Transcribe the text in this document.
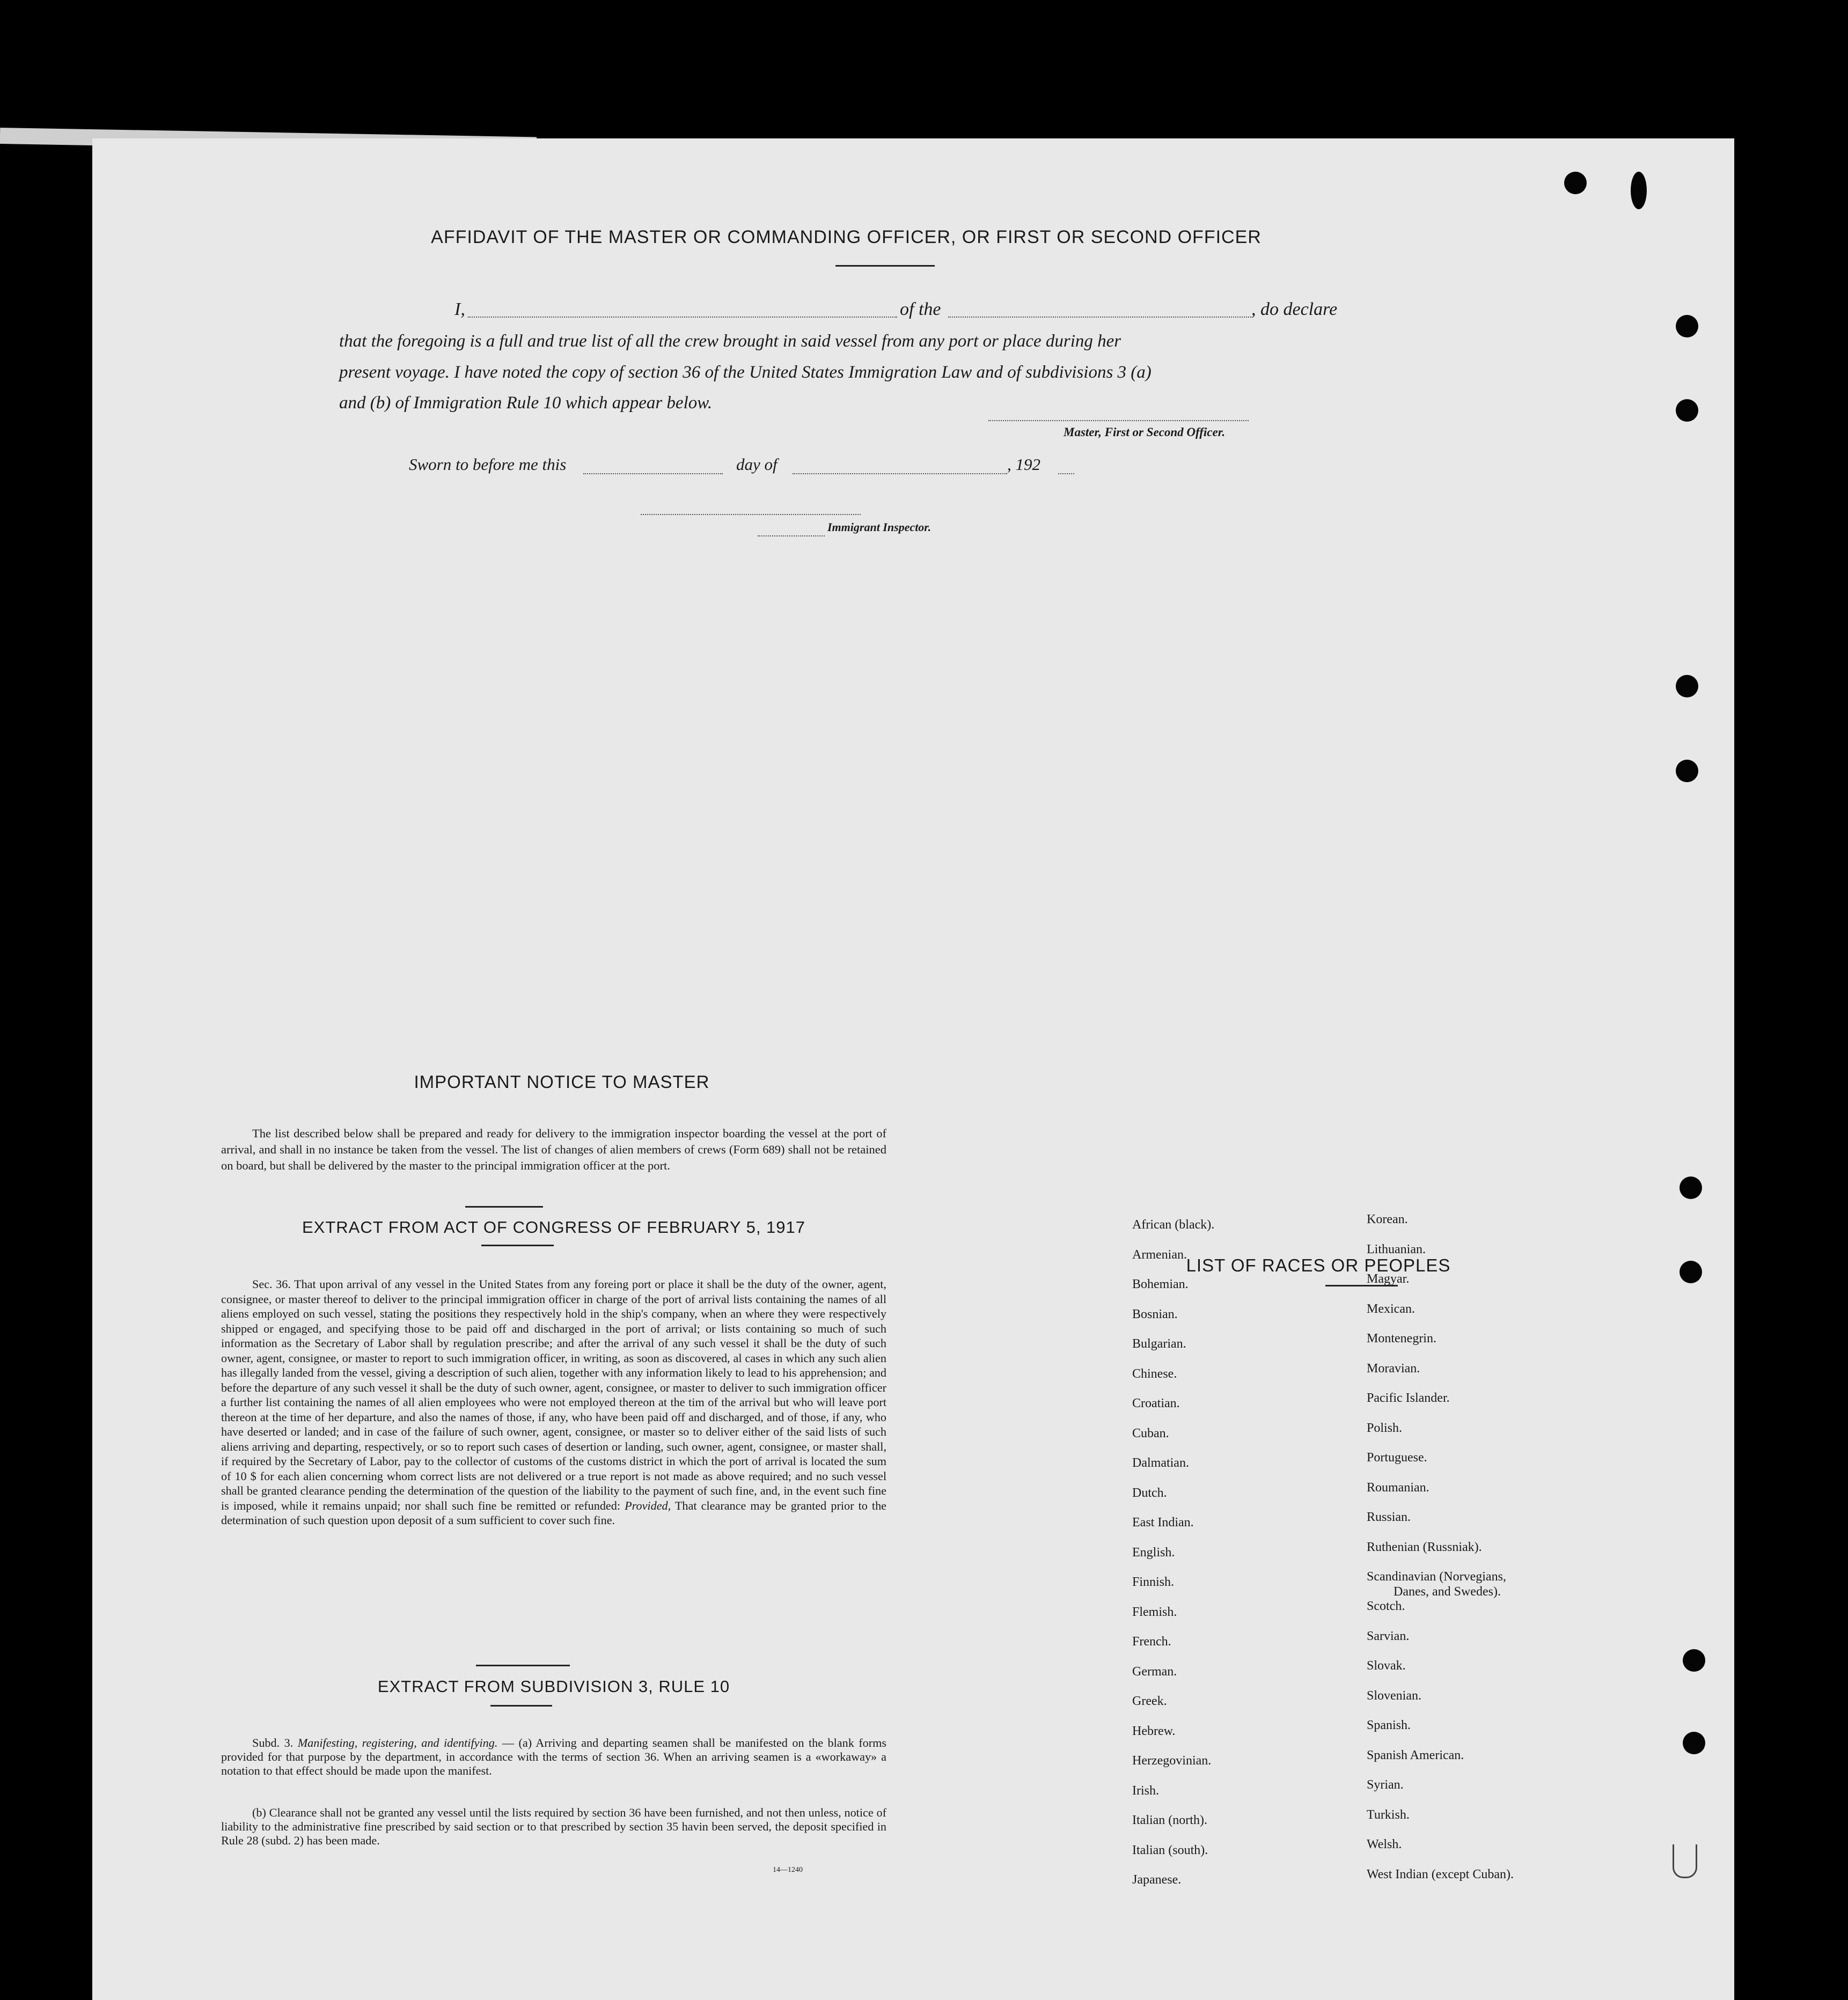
AFFIDAVIT OF THE MASTER OR COMMANDING OFFICER, OR FIRST OR SECOND OFFICER
I,	of the	, do declare
that the foregoing is a full and true list of all the crew brought in said vessel from any port or place during her
present voyage. I have noted the copy of section 36 of the United States Immigration Law and of subdivisions 3 (a)
and (b) of Immigration Rule 10 which appear below.
Master, First or Second Officer.
Sworn to before me this	day of	, 192
Immigrant Inspector.
IMPORTANT NOTICE TO MASTER
The list described below shall be prepared and ready for delivery to the immigration inspector boarding the vessel at the port of arrival, and shall in no instance be taken from the vessel. The list of changes of alien members of crews (Form 689) shall not be retained on board, but shall be delivered by the master to the principal immigration officer at the port.
EXTRACT FROM ACT OF CONGRESS OF FEBRUARY 5, 1917
Sec. 36. That upon arrival of any vessel in the United States from any foreing port or place it shall be the duty of the owner, agent, consignee, or master thereof to deliver to the principal immigration officer in charge of the port of arrival lists containing the names of all aliens employed on such vessel, stating the positions they respectively hold in the ship's company, when an where they were respectively shipped or engaged, and specifying those to be paid off and discharged in the port of arrival; or lists containing so much of such information as the Secretary of Labor shall by regulation prescribe; and after the arrival of any such vessel it shall be the duty of such owner, agent, consignee, or master to report to such immigration officer, in writing, as soon as discovered, al cases in which any such alien has illegally landed from the vessel, giving a description of such alien, together with any information likely to lead to his apprehension; and before the departure of any such vessel it shall be the duty of such owner, agent, consignee, or master to deliver to such immigration officer a further list containing the names of all alien employees who were not employed thereon at the tim of the arrival but who will leave port thereon at the time of her departure, and also the names of those, if any, who have been paid off and discharged, and of those, if any, who have deserted or landed; and in case of the failure of such owner, agent, consignee, or master so to deliver either of the said lists of such aliens arriving and departing, respectively, or so to report such cases of desertion or landing, such owner, agent, consignee, or master shall, if required by the Secretary of Labor, pay to the collector of customs of the customs district in which the port of arrival is located the sum of 10 $ for each alien concerning whom correct lists are not delivered or a true report is not made as above required; and no such vessel shall be granted clearance pending the determination of the question of the liability to the payment of such fine, and, in the event such fine is imposed, while it remains unpaid; nor shall such fine be remitted or refunded: Provided, That clearance may be granted prior to the determination of such question upon deposit of a sum sufficient to cover such fine.
EXTRACT FROM SUBDIVISION 3, RULE 10
Subd. 3. Manifesting, registering, and identifying. — (a) Arriving and departing seamen shall be manifested on the blank forms provided for that purpose by the department, in accordance with the terms of section 36. When an arriving seamen is a «workaway» a notation to that effect should be made upon the manifest.
(b) Clearance shall not be granted any vessel until the lists required by section 36 have been furnished, and not then unless, notice of liability to the administrative fine prescribed by said section or to that prescribed by section 35 havin been served, the deposit specified in Rule 28 (subd. 2) has been made.
14—1240
LIST OF RACES OR PEOPLES
African (black).
Armenian.
Bohemian.
Bosnian.
Bulgarian.
Chinese.
Croatian.
Cuban.
Dalmatian.
Dutch.
East Indian.
English.
Finnish.
Flemish.
French.
German.
Greek.
Hebrew.
Herzegovinian.
Irish.
Italian (north).
Italian (south).
Japanese.
Korean.
Lithuanian.
Magyar.
Mexican.
Montenegrin.
Moravian.
Pacific Islander.
Polish.
Portuguese.
Roumanian.
Russian.
Ruthenian (Russniak).
Scandinavian (Norvegians,
Danes, and Swedes).
Scotch.
Sarvian.
Slovak.
Slovenian.
Spanish.
Spanish American.
Syrian.
Turkish.
Welsh.
West Indian (except Cuban).
